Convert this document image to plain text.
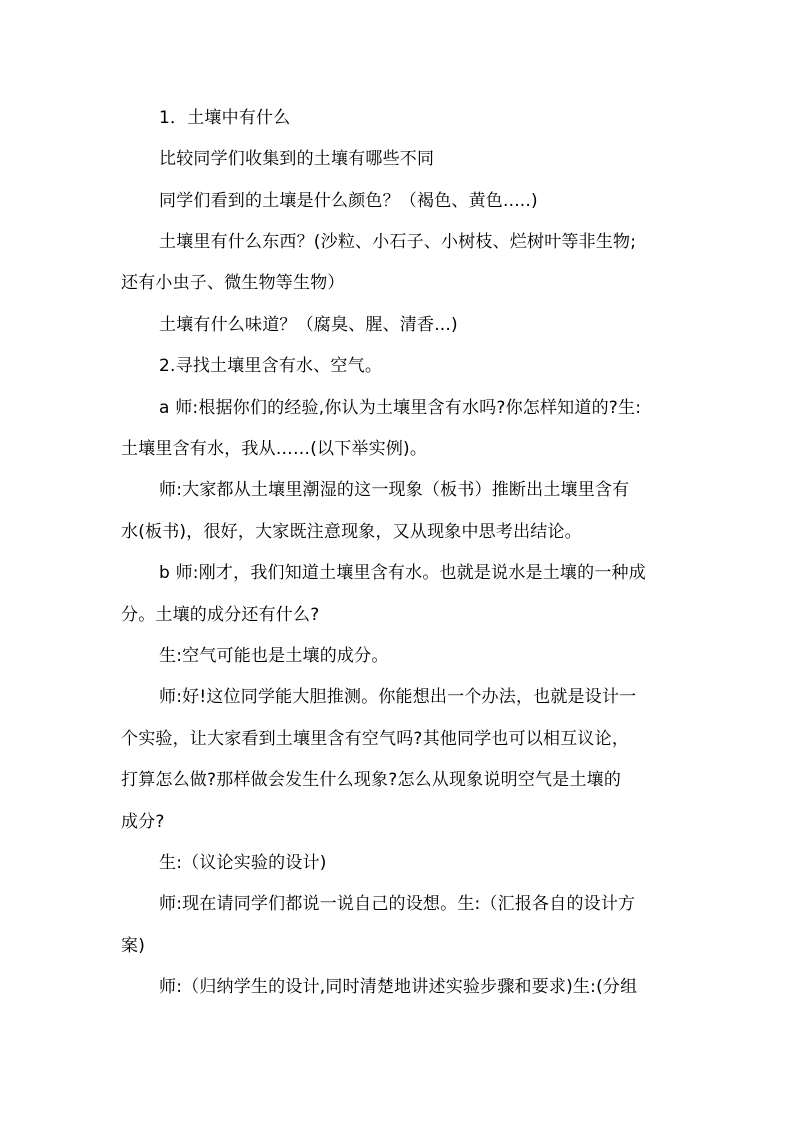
1．土壤中有什么
比较同学们收集到的土壤有哪些不同
同学们看到的土壤是什么颜色？（褐色、黄色.....)
土壤里有什么东西？(沙粒、小石子、小树枝、烂树叶等非生物;
还有小虫子、微生物等生物）
土壤有什么味道？（腐臭、腥、清香...)
2.寻找土壤里含有水、空气。
a 师:根据你们的经验,你认为土壤里含有水吗?你怎样知道的?生:
土壤里含有水，我从……(以下举实例)。
师:大家都从土壤里潮湿的这一现象（板书）推断出土壤里含有
水(板书)，很好，大家既注意现象，又从现象中思考出结论。
b 师:刚才，我们知道土壤里含有水。也就是说水是土壤的一种成
分。土壤的成分还有什么?
生:空气可能也是土壤的成分。
师:好!这位同学能大胆推测。你能想出一个办法，也就是设计一
个实验，让大家看到土壤里含有空气吗?其他同学也可以相互议论，
打算怎么做?那样做会发生什么现象?怎么从现象说明空气是土壤的
成分?
生:（议论实验的设计)
师:现在请同学们都说一说自己的设想。生:（汇报各自的设计方
案)
师:（归纳学生的设计,同时清楚地讲述实验步骤和要求)生:(分组
